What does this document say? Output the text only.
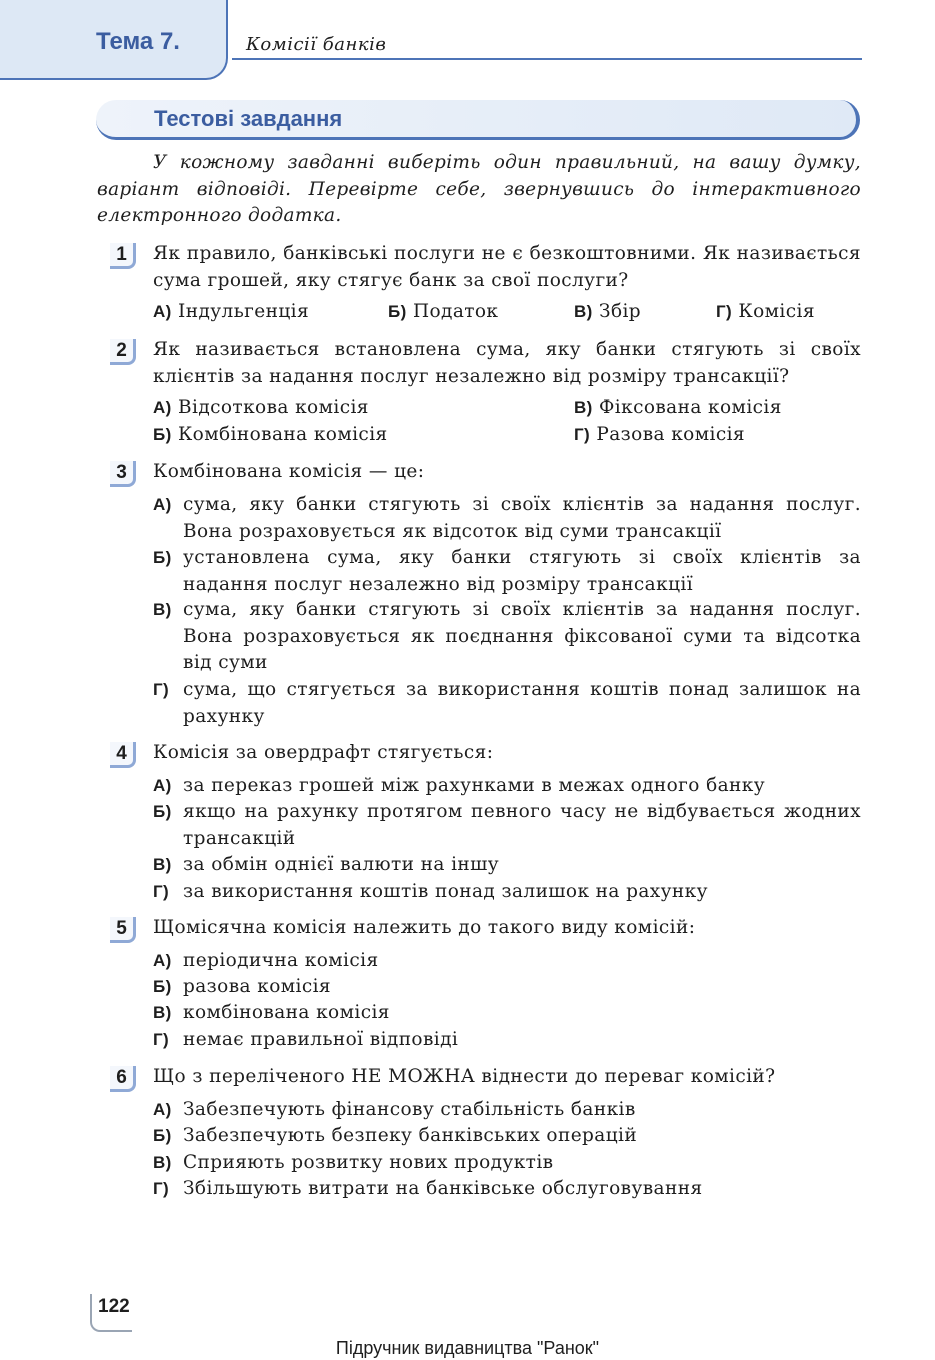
Тема 7.	Комісії банків
Тестові завдання
У кожному завданні виберіть один правильний, на вашу думку, варіант відповіді. Перевірте себе, звернувшись до інтерактивного електронного додатка.
1	Як правило, банківські послуги не є безкоштовними. Як називається сума грошей, яку стягує банк за свої послуги?
А) Індульгенція	Б) Податок	В) Збір	Г) Комісія
2	Як називається встановлена сума, яку банки стягують зі своїх клієнтів за надання послуг незалежно від розміру трансакції?
А) Відсоткова комісія
Б) Комбінована комісія
В) Фіксована комісія
Г) Разова комісія
3	Комбінована комісія — це:
А) сума, яку банки стягують зі своїх клієнтів за надання послуг. Вона розраховується як відсоток від суми трансакції
Б) установлена сума, яку банки стягують зі своїх клієнтів за надання послуг незалежно від розміру трансакції
В) сума, яку банки стягують зі своїх клієнтів за надання послуг. Вона розраховується як поєднання фіксованої суми та відсотка від суми
Г) сума, що стягується за використання коштів понад залишок на рахунку
4	Комісія за овердрафт стягується:
А) за переказ грошей між рахунками в межах одного банку
Б) якщо на рахунку протягом певного часу не відбувається жодних трансакцій
В) за обмін однієї валюти на іншу
Г) за використання коштів понад залишок на рахунку
5	Щомісячна комісія належить до такого виду комісій:
А) періодична комісія
Б) разова комісія
В) комбінована комісія
Г) немає правильної відповіді
6	Що з переліченого НЕ МОЖНА віднести до переваг комісій?
А) Забезпечують фінансову стабільність банків
Б) Забезпечують безпеку банківських операцій
В) Сприяють розвитку нових продуктів
Г) Збільшують витрати на банківське обслуговування
122
Підручник видавництва "Ранок"
